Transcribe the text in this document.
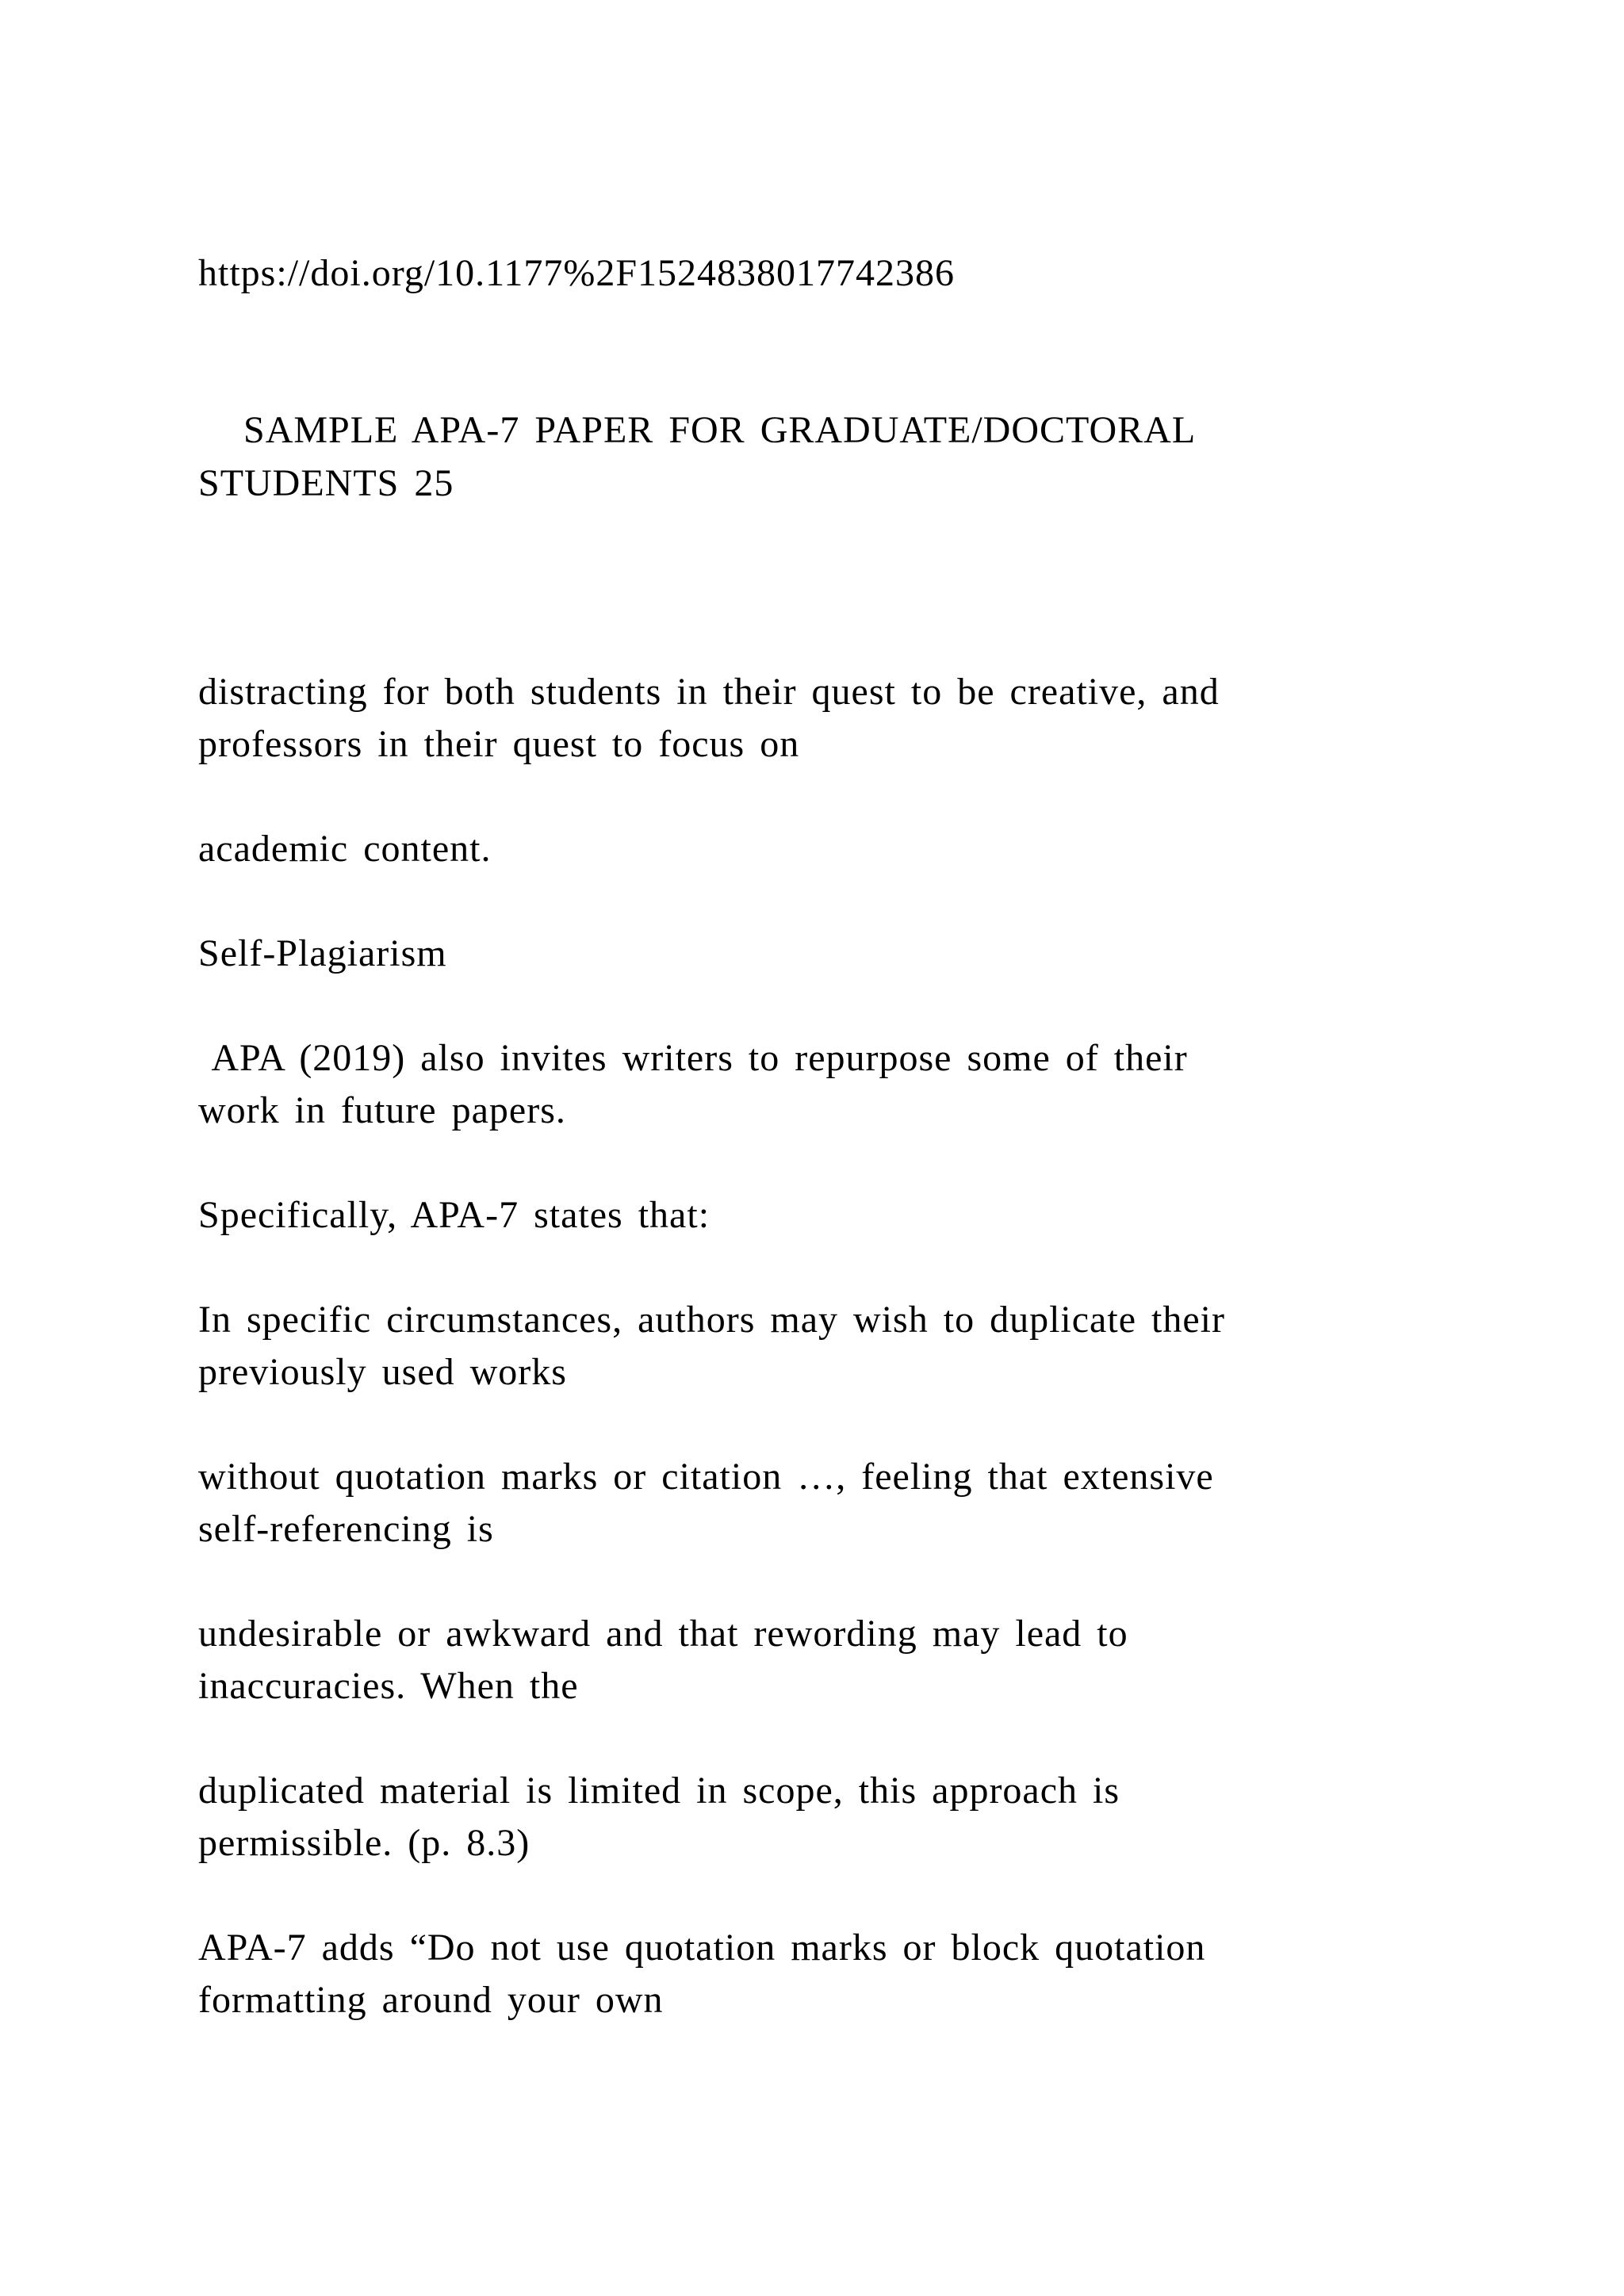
https://doi.org/10.1177%2F1524838017742386
SAMPLE APA-7 PAPER FOR GRADUATE/DOCTORAL
STUDENTS 25
distracting for both students in their quest to be creative, and
professors in their quest to focus on
academic content.
Self-Plagiarism
APA (2019) also invites writers to repurpose some of their
work in future papers.
Specifically, APA-7 states that:
In specific circumstances, authors may wish to duplicate their
previously used works
without quotation marks or citation …, feeling that extensive
self-referencing is
undesirable or awkward and that rewording may lead to
inaccuracies. When the
duplicated material is limited in scope, this approach is
permissible. (p. 8.3)
APA-7 adds “Do not use quotation marks or block quotation
formatting around your own
